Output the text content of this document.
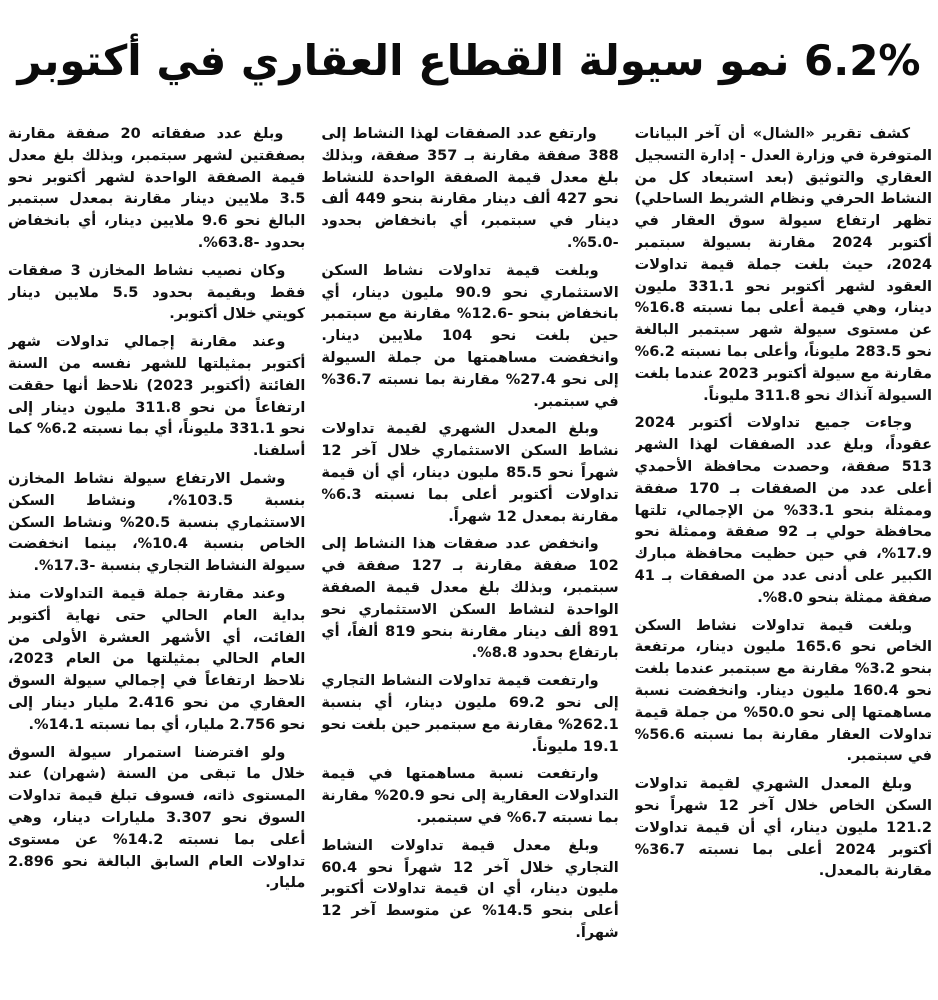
6.2% نمو سيولة القطاع العقاري في أكتوبر

كشف تقرير «الشال» أن آخر البيانات المتوفرة في وزارة العدل - إدارة التسجيل العقاري والتوثيق (بعد استبعاد كل من النشاط الحرفي ونظام الشريط الساحلي) تظهر ارتفاع سيولة سوق العقار في أكتوبر 2024 مقارنة بسيولة سبتمبر 2024، حيث بلغت جملة قيمة تداولات العقود لشهر أكتوبر نحو 331.1 مليون دينار، وهي قيمة أعلى بما نسبته 16.8% عن مستوى سيولة شهر سبتمبر البالغة نحو 283.5 مليوناً، وأعلى بما نسبته 6.2% مقارنة مع سيولة أكتوبر 2023 عندما بلغت السيولة آنذاك نحو 311.8 مليوناً.

وجاءت جميع تداولات أكتوبر 2024 عقوداً، وبلغ عدد الصفقات لهذا الشهر 513 صفقة، وحصدت محافظة الأحمدي أعلى عدد من الصفقات بـ 170 صفقة وممثلة بنحو 33.1% من الإجمالي، تلتها محافظة حولي بـ 92 صفقة وممثلة نحو 17.9%، في حين حظيت محافظة مبارك الكبير على أدنى عدد من الصفقات بـ 41 صفقة ممثلة بنحو 8.0%.

وبلغت قيمة تداولات نشاط السكن الخاص نحو 165.6 مليون دينار، مرتفعة بنحو 3.2% مقارنة مع سبتمبر عندما بلغت نحو 160.4 مليون دينار. وانخفضت نسبة مساهمتها إلى نحو 50.0% من جملة قيمة تداولات العقار مقارنة بما نسبته 56.6% في سبتمبر.

وبلغ المعدل الشهري لقيمة تداولات السكن الخاص خلال آخر 12 شهراً نحو 121.2 مليون دينار، أي أن قيمة تداولات أكتوبر 2024 أعلى بما نسبته 36.7% مقارنة بالمعدل.

وارتفع عدد الصفقات لهذا النشاط إلى 388 صفقة مقارنة بـ 357 صفقة، وبذلك بلغ معدل قيمة الصفقة الواحدة للنشاط نحو 427 ألف دينار مقارنة بنحو 449 ألف دينار في سبتمبر، أي بانخفاض بحدود -5.0%.

وبلغت قيمة تداولات نشاط السكن الاستثماري نحو 90.9 مليون دينار، أي بانخفاض بنحو -12.6% مقارنة مع سبتمبر حين بلغت نحو 104 ملايين دينار. وانخفضت مساهمتها من جملة السيولة إلى نحو 27.4% مقارنة بما نسبته 36.7% في سبتمبر.

وبلغ المعدل الشهري لقيمة تداولات نشاط السكن الاستثماري خلال آخر 12 شهراً نحو 85.5 مليون دينار، أي أن قيمة تداولات أكتوبر أعلى بما نسبته 6.3% مقارنة بمعدل 12 شهراً.

وانخفض عدد صفقات هذا النشاط إلى 102 صفقة مقارنة بـ 127 صفقة في سبتمبر، وبذلك بلغ معدل قيمة الصفقة الواحدة لنشاط السكن الاستثماري نحو 891 ألف دينار مقارنة بنحو 819 ألفاً، أي بارتفاع بحدود 8.8%.

وارتفعت قيمة تداولات النشاط التجاري إلى نحو 69.2 مليون دينار، أي بنسبة 262.1% مقارنة مع سبتمبر حين بلغت نحو 19.1 مليوناً.

وارتفعت نسبة مساهمتها في قيمة التداولات العقارية إلى نحو 20.9% مقارنة بما نسبته 6.7% في سبتمبر.

وبلغ معدل قيمة تداولات النشاط التجاري خلال آخر 12 شهراً نحو 60.4 مليون دينار، أي ان قيمة تداولات أكتوبر أعلى بنحو 14.5% عن متوسط آخر 12 شهراً.

وبلغ عدد صفقاته 20 صفقة مقارنة بصفقتين لشهر سبتمبر، وبذلك بلغ معدل قيمة الصفقة الواحدة لشهر أكتوبر نحو 3.5 ملايين دينار مقارنة بمعدل سبتمبر البالغ نحو 9.6 ملايين دينار، أي بانخفاض بحدود -63.8%.

وكان نصيب نشاط المخازن 3 صفقات فقط وبقيمة بحدود 5.5 ملايين دينار كويتي خلال أكتوبر.

وعند مقارنة إجمالي تداولات شهر أكتوبر بمثيلتها للشهر نفسه من السنة الفائتة (أكتوبر 2023) نلاحظ أنها حققت ارتفاعاً من نحو 311.8 مليون دينار إلى نحو 331.1 مليوناً، أي بما نسبته 6.2% كما أسلفنا.

وشمل الارتفاع سيولة نشاط المخازن بنسبة 103.5%، ونشاط السكن الاستثماري بنسبة 20.5% ونشاط السكن الخاص بنسبة 10.4%، بينما انخفضت سيولة النشاط التجاري بنسبة -17.3%.

وعند مقارنة جملة قيمة التداولات منذ بداية العام الحالي حتى نهاية أكتوبر الفائت، أي الأشهر العشرة الأولى من العام الحالي بمثيلتها من العام 2023، نلاحظ ارتفاعاً في إجمالي سيولة السوق العقاري من نحو 2.416 مليار دينار إلى نحو 2.756 مليار، أي بما نسبته 14.1%.

ولو افترضنا استمرار سيولة السوق خلال ما تبقى من السنة (شهران) عند المستوى ذاته، فسوف تبلغ قيمة تداولات السوق نحو 3.307 مليارات دينار، وهي أعلى بما نسبته 14.2% عن مستوى تداولات العام السابق البالغة نحو 2.896 مليار.
